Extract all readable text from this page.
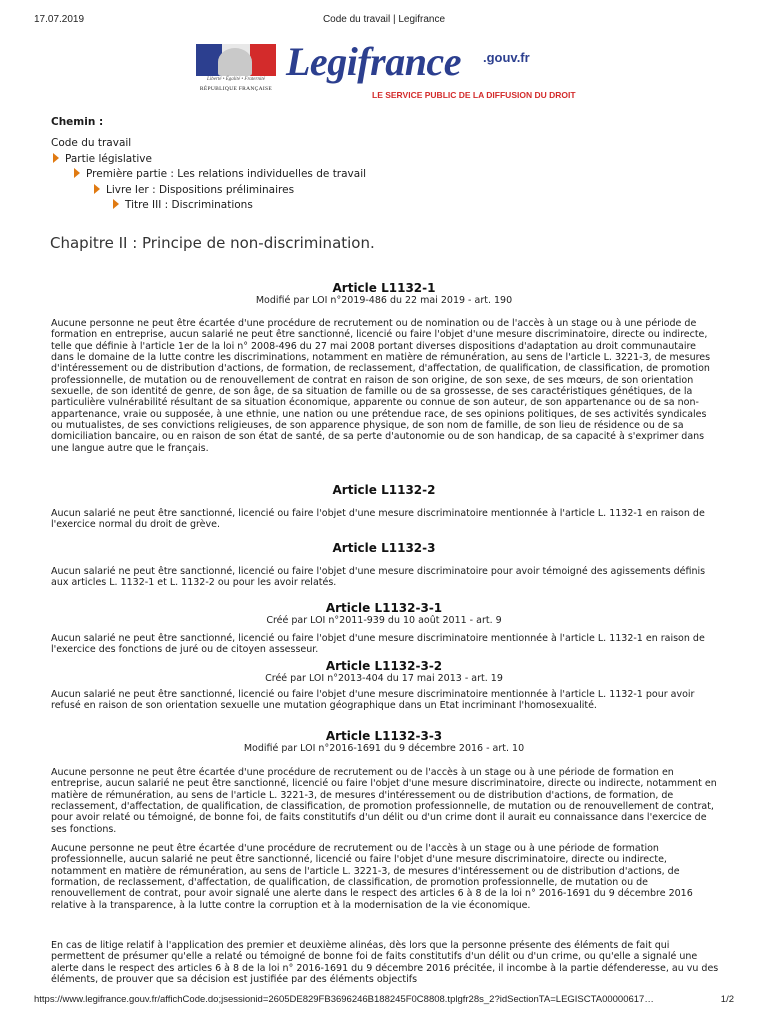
17.07.2019	Code du travail | Legifrance
Liberté • Égalité • Fraternité
RÉPUBLIQUE FRANÇAISE
Legifrance .gouv.fr
LE SERVICE PUBLIC DE LA DIFFUSION DU DROIT
Chemin :
Code du travail
Partie législative
Première partie : Les relations individuelles de travail
Livre Ier : Dispositions préliminaires
Titre III : Discriminations
Chapitre II : Principe de non-discrimination.
Article L1132-1
Modifié par LOI n°2019-486 du 22 mai 2019 - art. 190

Aucune personne ne peut être écartée d'une procédure de recrutement ou de nomination ou de l'accès à un stage ou à une période de formation en entreprise, aucun salarié ne peut être sanctionné, licencié ou faire l'objet d'une mesure discriminatoire, directe ou indirecte, telle que définie à l'article 1er de la loi n° 2008-496 du 27 mai 2008 portant diverses dispositions d'adaptation au droit communautaire dans le domaine de la lutte contre les discriminations, notamment en matière de rémunération, au sens de l'article L. 3221-3, de mesures d'intéressement ou de distribution d'actions, de formation, de reclassement, d'affectation, de qualification, de classification, de promotion professionnelle, de mutation ou de renouvellement de contrat en raison de son origine, de son sexe, de ses mœurs, de son orientation sexuelle, de son identité de genre, de son âge, de sa situation de famille ou de sa grossesse, de ses caractéristiques génétiques, de la particulière vulnérabilité résultant de sa situation économique, apparente ou connue de son auteur, de son appartenance ou de sa non-appartenance, vraie ou supposée, à une ethnie, une nation ou une prétendue race, de ses opinions politiques, de ses activités syndicales ou mutualistes, de ses convictions religieuses, de son apparence physique, de son nom de famille, de son lieu de résidence ou de sa domiciliation bancaire, ou en raison de son état de santé, de sa perte d'autonomie ou de son handicap, de sa capacité à s'exprimer dans une langue autre que le français.

Article L1132-2

Aucun salarié ne peut être sanctionné, licencié ou faire l'objet d'une mesure discriminatoire mentionnée à l'article L. 1132-1 en raison de l'exercice normal du droit de grève.

Article L1132-3

Aucun salarié ne peut être sanctionné, licencié ou faire l'objet d'une mesure discriminatoire pour avoir témoigné des agissements définis aux articles L. 1132-1 et L. 1132-2 ou pour les avoir relatés.

Article L1132-3-1
Créé par LOI n°2011-939 du 10 août 2011 - art. 9

Aucun salarié ne peut être sanctionné, licencié ou faire l'objet d'une mesure discriminatoire mentionnée à l'article L. 1132-1 en raison de l'exercice des fonctions de juré ou de citoyen assesseur.

Article L1132-3-2
Créé par LOI n°2013-404 du 17 mai 2013 - art. 19

Aucun salarié ne peut être sanctionné, licencié ou faire l'objet d'une mesure discriminatoire mentionnée à l'article L. 1132-1 pour avoir refusé en raison de son orientation sexuelle une mutation géographique dans un Etat incriminant l'homosexualité.

Article L1132-3-3
Modifié par LOI n°2016-1691 du 9 décembre 2016 - art. 10

Aucune personne ne peut être écartée d'une procédure de recrutement ou de l'accès à un stage ou à une période de formation en entreprise, aucun salarié ne peut être sanctionné, licencié ou faire l'objet d'une mesure discriminatoire, directe ou indirecte, notamment en matière de rémunération, au sens de l'article L. 3221-3, de mesures d'intéressement ou de distribution d'actions, de formation, de reclassement, d'affectation, de qualification, de classification, de promotion professionnelle, de mutation ou de renouvellement de contrat, pour avoir relaté ou témoigné, de bonne foi, de faits constitutifs d'un délit ou d'un crime dont il aurait eu connaissance dans l'exercice de ses fonctions.

Aucune personne ne peut être écartée d'une procédure de recrutement ou de l'accès à un stage ou à une période de formation professionnelle, aucun salarié ne peut être sanctionné, licencié ou faire l'objet d'une mesure discriminatoire, directe ou indirecte, notamment en matière de rémunération, au sens de l'article L. 3221-3, de mesures d'intéressement ou de distribution d'actions, de formation, de reclassement, d'affectation, de qualification, de classification, de promotion professionnelle, de mutation ou de renouvellement de contrat, pour avoir signalé une alerte dans le respect des articles 6 à 8 de la loi n° 2016-1691 du 9 décembre 2016 relative à la transparence, à la lutte contre la corruption et à la modernisation de la vie économique.

En cas de litige relatif à l'application des premier et deuxième alinéas, dès lors que la personne présente des éléments de fait qui permettent de présumer qu'elle a relaté ou témoigné de bonne foi de faits constitutifs d'un délit ou d'un crime, ou qu'elle a signalé une alerte dans le respect des articles 6 à 8 de la loi n° 2016-1691 du 9 décembre 2016 précitée, il incombe à la partie défenderesse, au vu des éléments, de prouver que sa décision est justifiée par des éléments objectifs

https://www.legifrance.gouv.fr/affichCode.do;jsessionid=2605DE829FB3696246B188245F0C8808.tplgfr28s_2?idSectionTA=LEGISCTA00000617…	1/2
